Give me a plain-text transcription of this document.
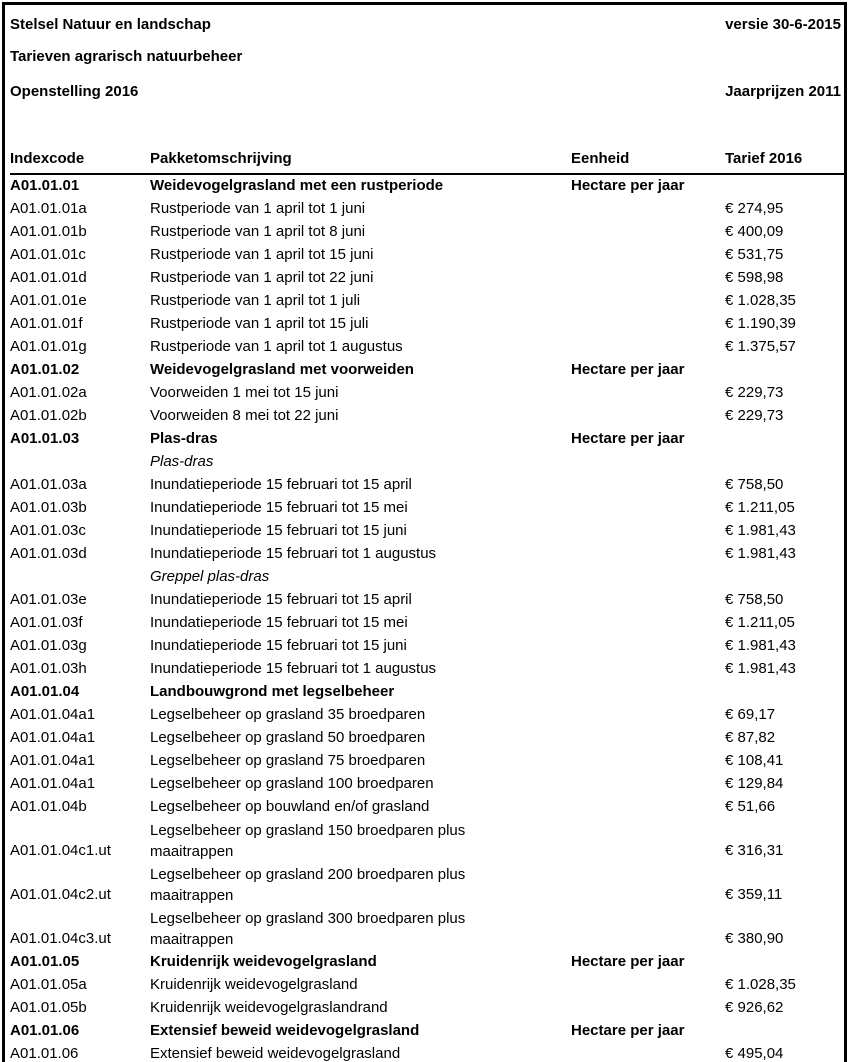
Stelsel Natuur en landschap	versie 30-6-2015
Tarieven agrarisch natuurbeheer
Openstelling 2016	Jaarprijzen 2011
Indexcode	Pakketomschrijving	Eenheid	Tarief 2016
A01.01.01	Weidevogelgrasland met een rustperiode	Hectare per jaar	
A01.01.01a	Rustperiode van 1 april tot 1 juni		€ 274,95
A01.01.01b	Rustperiode van 1 april tot 8 juni		€ 400,09
A01.01.01c	Rustperiode van 1 april tot 15 juni		€ 531,75
A01.01.01d	Rustperiode van 1 april tot 22 juni		€ 598,98
A01.01.01e	Rustperiode van 1 april tot 1 juli		€ 1.028,35
A01.01.01f	Rustperiode van 1 april tot 15 juli		€ 1.190,39
A01.01.01g	Rustperiode van 1 april tot 1 augustus		€ 1.375,57
A01.01.02	Weidevogelgrasland met voorweiden	Hectare per jaar	
A01.01.02a	Voorweiden 1 mei tot 15 juni		€ 229,73
A01.01.02b	Voorweiden 8 mei tot 22 juni		€ 229,73
A01.01.03	Plas-dras	Hectare per jaar	
	Plas-dras		
A01.01.03a	Inundatieperiode 15 februari tot 15 april		€ 758,50
A01.01.03b	Inundatieperiode 15 februari tot 15 mei		€ 1.211,05
A01.01.03c	Inundatieperiode 15 februari tot 15 juni		€ 1.981,43
A01.01.03d	Inundatieperiode 15 februari tot 1 augustus		€ 1.981,43
	Greppel plas-dras		
A01.01.03e	Inundatieperiode 15 februari tot 15 april		€ 758,50
A01.01.03f	Inundatieperiode 15 februari tot 15 mei		€ 1.211,05
A01.01.03g	Inundatieperiode 15 februari tot 15 juni		€ 1.981,43
A01.01.03h	Inundatieperiode 15 februari tot 1 augustus		€ 1.981,43
A01.01.04	Landbouwgrond met legselbeheer		
A01.01.04a1	Legselbeheer op grasland 35 broedparen		€ 69,17
A01.01.04a1	Legselbeheer op grasland 50 broedparen		€ 87,82
A01.01.04a1	Legselbeheer op grasland 75 broedparen		€ 108,41
A01.01.04a1	Legselbeheer op grasland 100 broedparen		€ 129,84
A01.01.04b	Legselbeheer op bouwland en/of grasland		€ 51,66
A01.01.04c1.ut	Legselbeheer op grasland 150 broedparen plus
maaitrappen		€ 316,31
A01.01.04c2.ut	Legselbeheer op grasland 200 broedparen plus
maaitrappen		€ 359,11
A01.01.04c3.ut	Legselbeheer op grasland 300 broedparen plus
maaitrappen		€ 380,90
A01.01.05	Kruidenrijk weidevogelgrasland	Hectare per jaar	
A01.01.05a	Kruidenrijk weidevogelgrasland		€ 1.028,35
A01.01.05b	Kruidenrijk weidevogelgraslandrand		€ 926,62
A01.01.06	Extensief beweid weidevogelgrasland	Hectare per jaar	
A01.01.06	Extensief beweid weidevogelgrasland		€ 495,04
